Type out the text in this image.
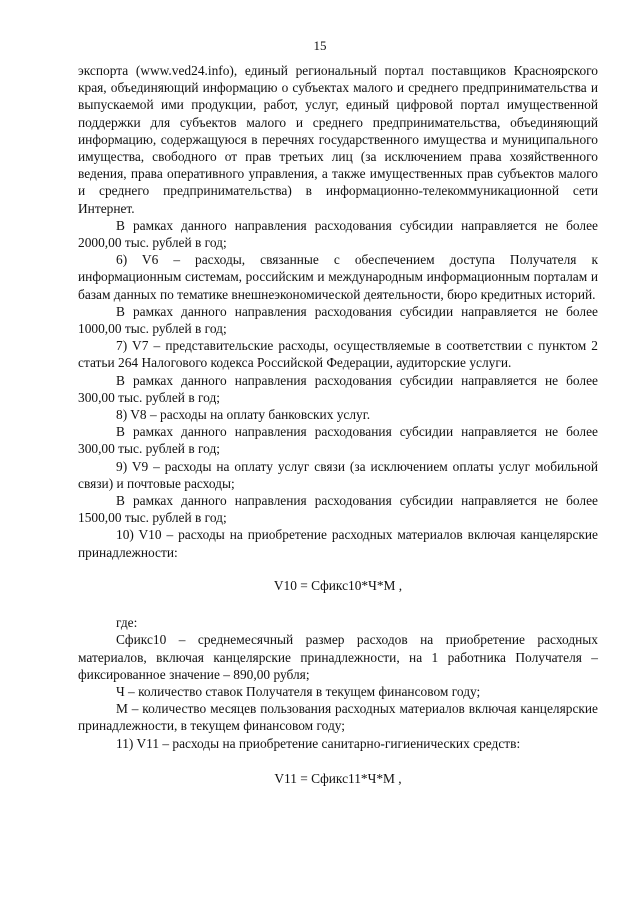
15

экспорта (www.ved24.info), единый региональный портал поставщиков Красноярского края, объединяющий информацию о субъектах малого и среднего предпринимательства и выпускаемой ими продукции, работ, услуг, единый цифровой портал имущественной поддержки для субъектов малого и среднего предпринимательства, объединяющий информацию, содержащуюся в перечнях государственного имущества и муниципального имущества, свободного от прав третьих лиц (за исключением права хозяйственного ведения, права оперативного управления, а также имущественных прав субъектов малого и среднего предпринимательства) в информационно-телекоммуникационной сети Интернет.

В рамках данного направления расходования субсидии направляется не более 2000,00 тыс. рублей в год;

6) V6 – расходы, связанные с обеспечением доступа Получателя к информационным системам, российским и международным информационным порталам и базам данных по тематике внешнеэкономической деятельности, бюро кредитных историй.

В рамках данного направления расходования субсидии направляется не более 1000,00 тыс. рублей в год;

7) V7 – представительские расходы, осуществляемые в соответствии с пунктом 2 статьи 264 Налогового кодекса Российской Федерации, аудиторские услуги.

В рамках данного направления расходования субсидии направляется не более 300,00 тыс. рублей в год;

8) V8 – расходы на оплату банковских услуг.

В рамках данного направления расходования субсидии направляется не более 300,00 тыс. рублей в год;

9) V9 – расходы на оплату услуг связи (за исключением оплаты услуг мобильной связи) и почтовые расходы;

В рамках данного направления расходования субсидии направляется не более 1500,00 тыс. рублей в год;

10) V10 – расходы на приобретение расходных материалов включая канцелярские принадлежности:

V10 = Cфикс10*Ч*М ,

где:

Cфикс10 – среднемесячный размер расходов на приобретение расходных материалов, включая канцелярские принадлежности, на 1 работника Получателя – фиксированное значение – 890,00 рубля;

Ч – количество ставок Получателя в текущем финансовом году;

М – количество месяцев пользования расходных материалов включая канцелярские принадлежности, в текущем финансовом году;

11) V11 – расходы на приобретение санитарно-гигиенических средств:

V11 = Cфикс11*Ч*М ,
